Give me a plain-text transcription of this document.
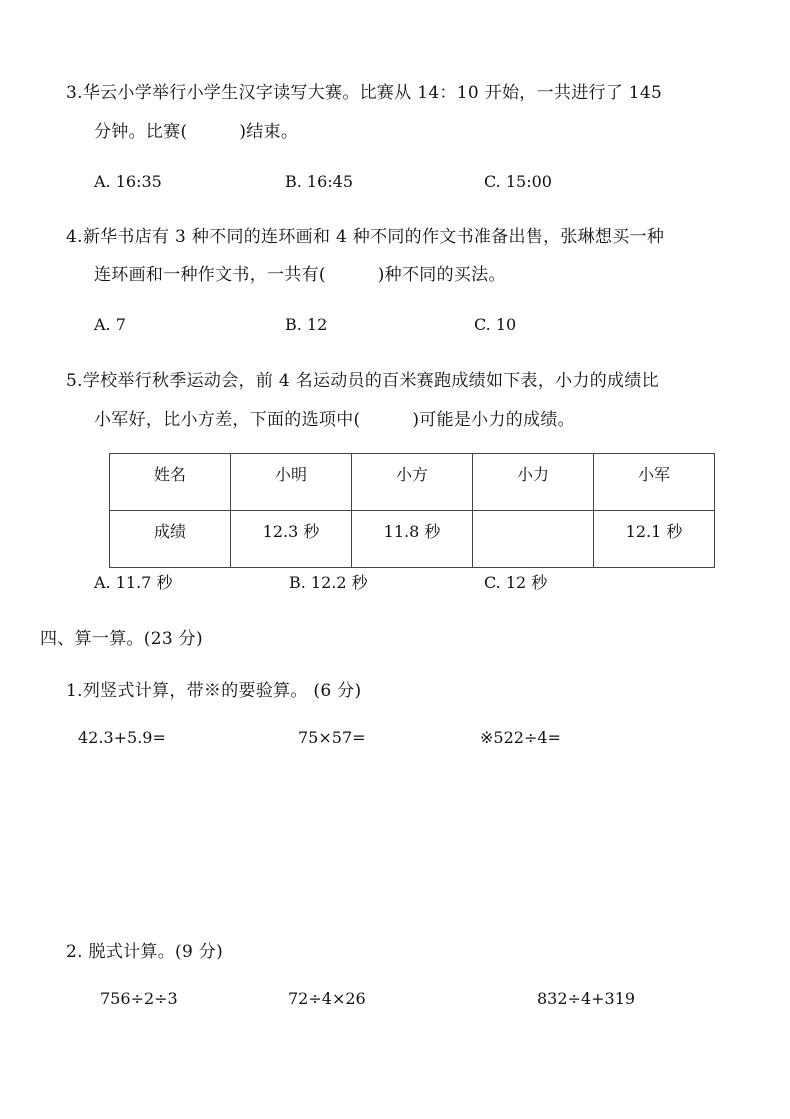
3.华云小学举行小学生汉字读写大赛。比赛从 14：10 开始，一共进行了 145
分钟。比赛(　　　)结束。
A. 16:35	B. 16:45	C. 15:00
4.新华书店有 3 种不同的连环画和 4 种不同的作文书准备出售，张琳想买一种
连环画和一种作文书，一共有(　　　)种不同的买法。
A. 7	B. 12	C. 10
5.学校举行秋季运动会，前 4 名运动员的百米赛跑成绩如下表，小力的成绩比
小军好，比小方差，下面的选项中(　　　)可能是小力的成绩。
姓名	小明	小方	小力	小军
成绩	12.3 秒	11.8 秒		12.1 秒
A. 11.7 秒	B. 12.2 秒	C. 12 秒
四、算一算。(23 分)
1.列竖式计算，带※的要验算。 (6 分)
42.3+5.9=	75×57=	※522÷4=
2. 脱式计算。(9 分)
756÷2÷3	72÷4×26	832÷4+319
